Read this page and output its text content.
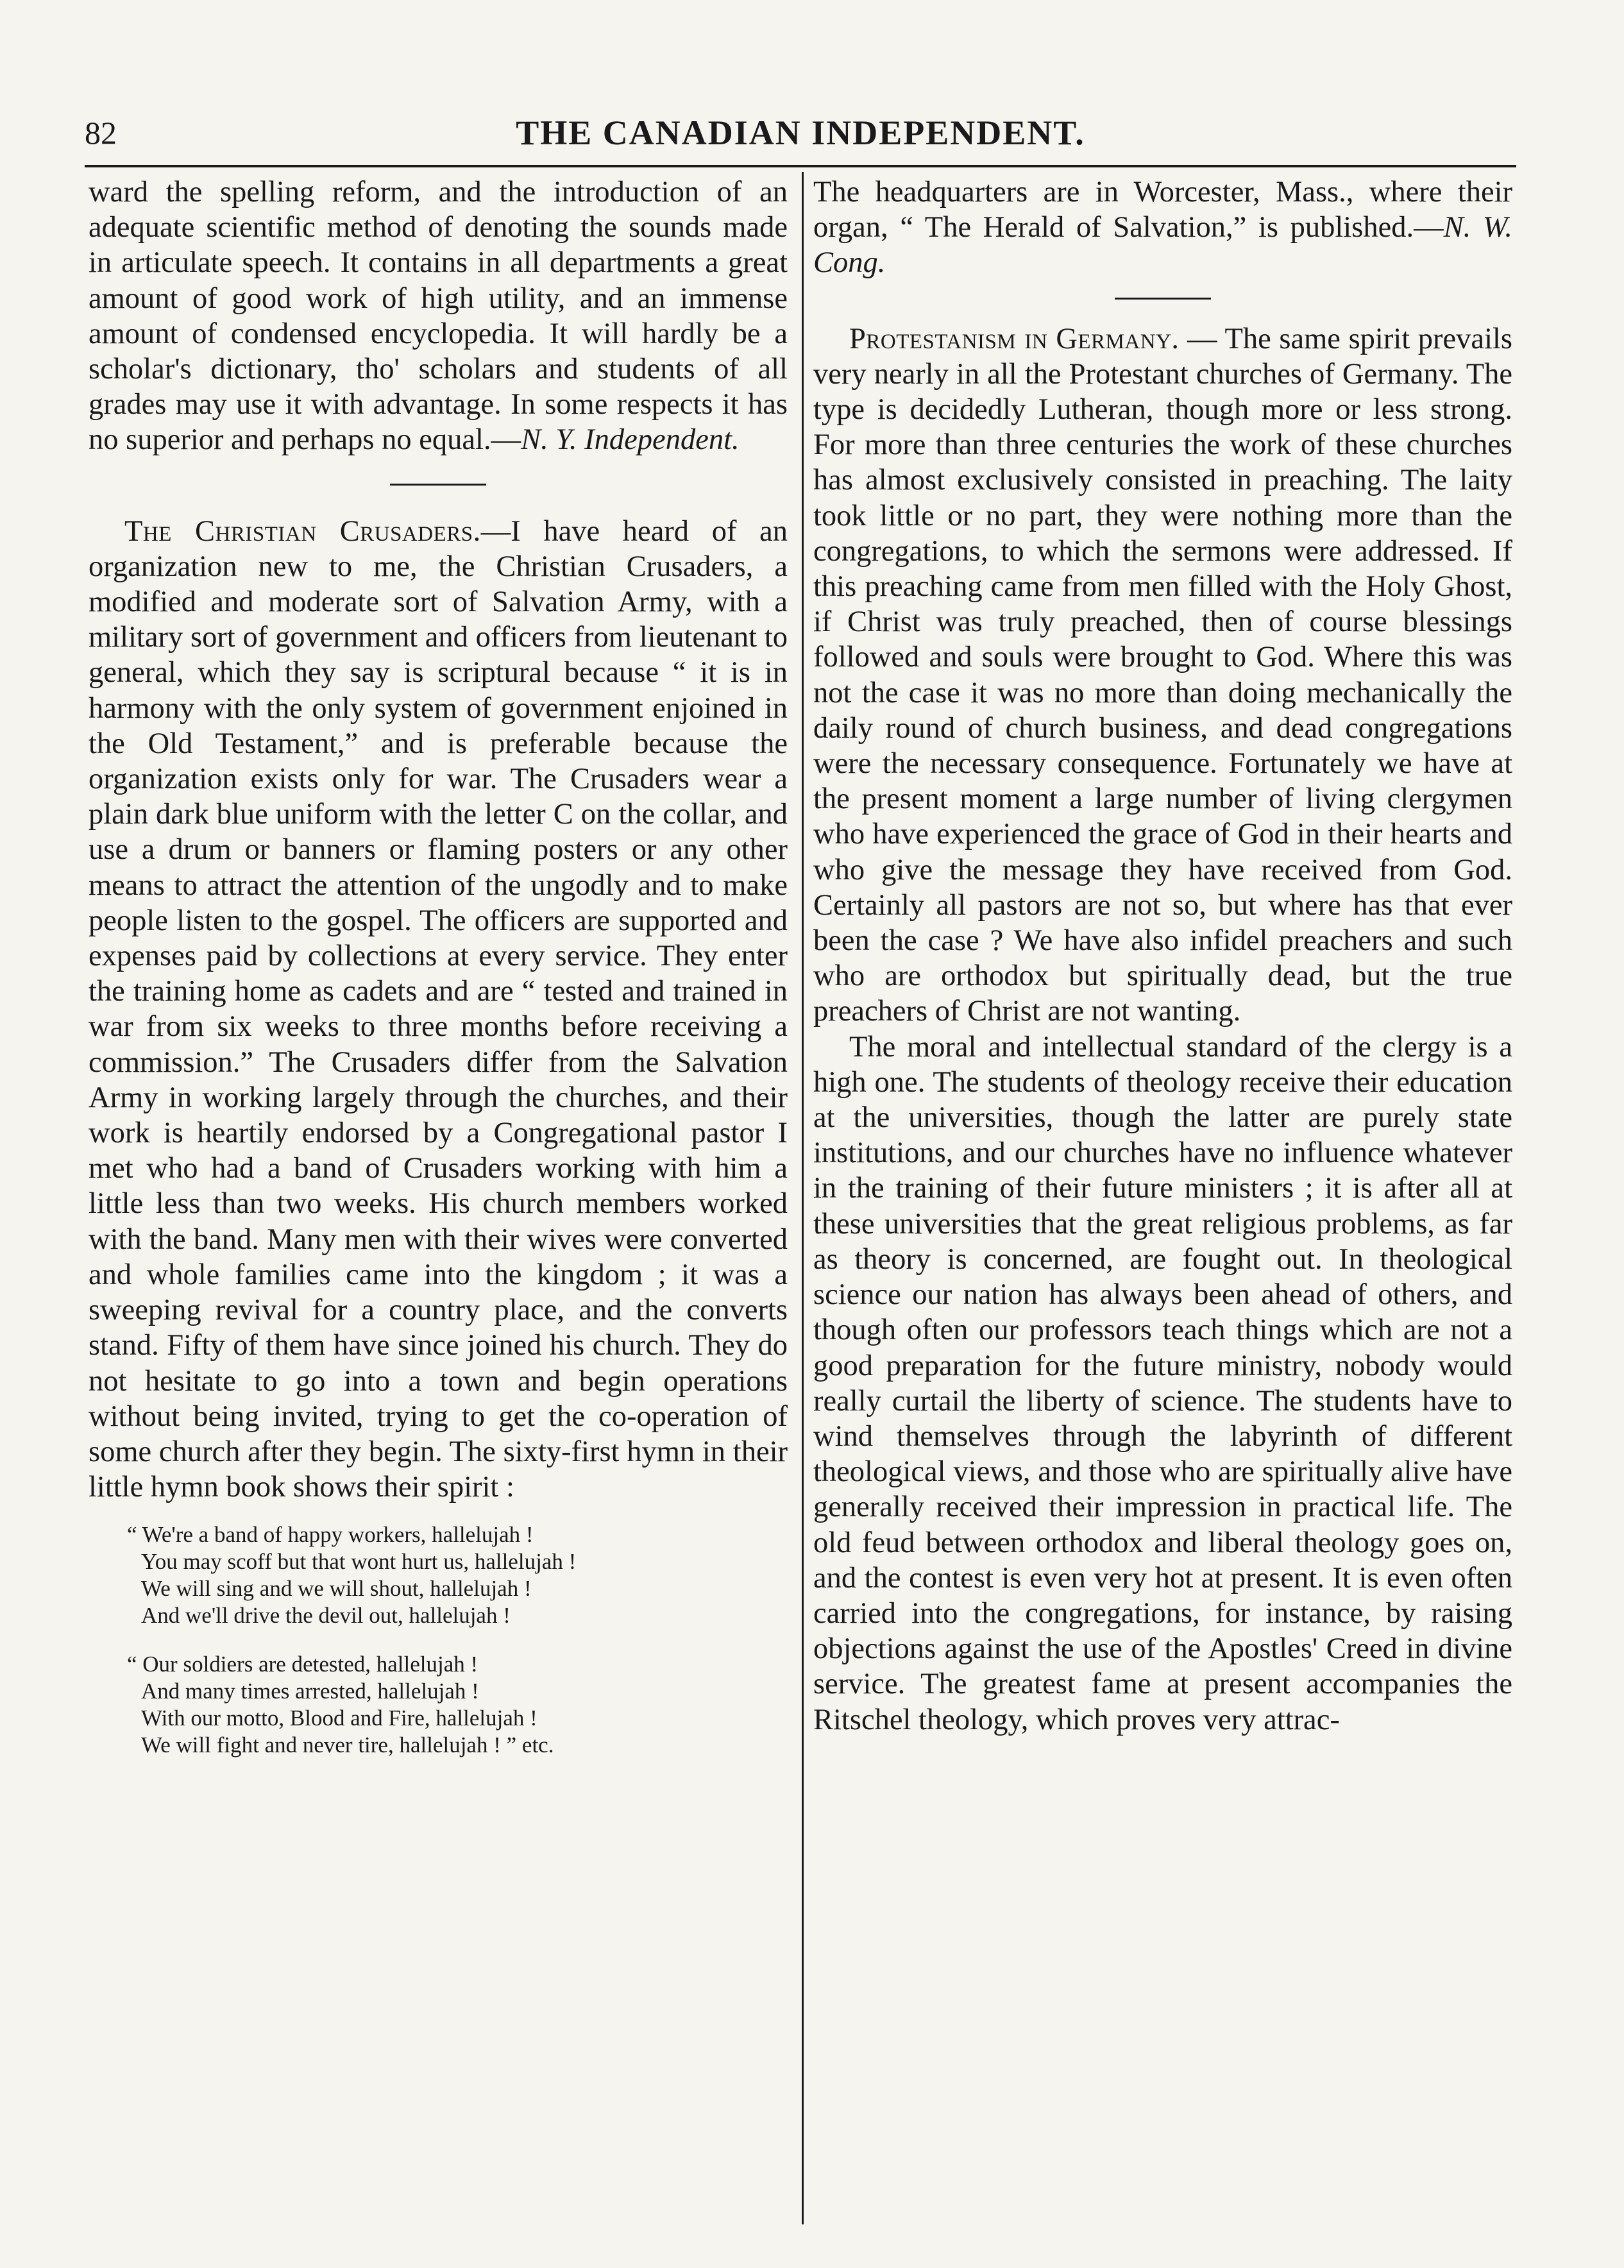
82	THE CANADIAN INDEPENDENT.

ward the spelling reform, and the introduction of an adequate scientific method of denoting the sounds made in articulate speech. It contains in all departments a great amount of good work of high utility, and an immense amount of condensed encyclopedia. It will hardly be a scholar's dictionary, tho' scholars and students of all grades may use it with advantage. In some respects it has no superior and perhaps no equal.—N. Y. Independent.

The Christian Crusaders.—I have heard of an organization new to me, the Christian Crusaders, a modified and moderate sort of Salvation Army, with a military sort of government and officers from lieutenant to general, which they say is scriptural because “ it is in harmony with the only system of government enjoined in the Old Testament,” and is preferable because the organization exists only for war. The Crusaders wear a plain dark blue uniform with the letter C on the collar, and use a drum or banners or flaming posters or any other means to attract the attention of the ungodly and to make people listen to the gospel. The officers are supported and expenses paid by collections at every service. They enter the training home as cadets and are “ tested and trained in war from six weeks to three months before receiving a commission.” The Crusaders differ from the Salvation Army in working largely through the churches, and their work is heartily endorsed by a Congregational pastor I met who had a band of Crusaders working with him a little less than two weeks. His church members worked with the band. Many men with their wives were converted and whole families came into the kingdom ; it was a sweeping revival for a country place, and the converts stand. Fifty of them have since joined his church. They do not hesitate to go into a town and begin operations without being invited, trying to get the co-operation of some church after they begin. The sixty-first hymn in their little hymn book shows their spirit :

“ We're a band of happy workers, hallelujah !
You may scoff but that wont hurt us, hallelujah !
We will sing and we will shout, hallelujah !
And we'll drive the devil out, hallelujah !
“ Our soldiers are detested, hallelujah !
And many times arrested, hallelujah !
With our motto, Blood and Fire, hallelujah !
We will fight and never tire, hallelujah ! ” etc.

The headquarters are in Worcester, Mass., where their organ, “ The Herald of Salvation,” is published.—N. W. Cong.

Protestanism in Germany. — The same spirit prevails very nearly in all the Protestant churches of Germany. The type is decidedly Lutheran, though more or less strong. For more than three centuries the work of these churches has almost exclusively consisted in preaching. The laity took little or no part, they were nothing more than the congregations, to which the sermons were addressed. If this preaching came from men filled with the Holy Ghost, if Christ was truly preached, then of course blessings followed and souls were brought to God. Where this was not the case it was no more than doing mechanically the daily round of church business, and dead congregations were the necessary consequence. Fortunately we have at the present moment a large number of living clergymen who have experienced the grace of God in their hearts and who give the message they have received from God. Certainly all pastors are not so, but where has that ever been the case ? We have also infidel preachers and such who are orthodox but spiritually dead, but the true preachers of Christ are not wanting.

The moral and intellectual standard of the clergy is a high one. The students of theology receive their education at the universities, though the latter are purely state institutions, and our churches have no influence whatever in the training of their future ministers ; it is after all at these universities that the great religious problems, as far as theory is concerned, are fought out. In theological science our nation has always been ahead of others, and though often our professors teach things which are not a good preparation for the future ministry, nobody would really curtail the liberty of science. The students have to wind themselves through the labyrinth of different theological views, and those who are spiritually alive have generally received their impression in practical life. The old feud between orthodox and liberal theology goes on, and the contest is even very hot at present. It is even often carried into the congregations, for instance, by raising objections against the use of the Apostles' Creed in divine service. The greatest fame at present accompanies the Ritschel theology, which proves very attrac-
